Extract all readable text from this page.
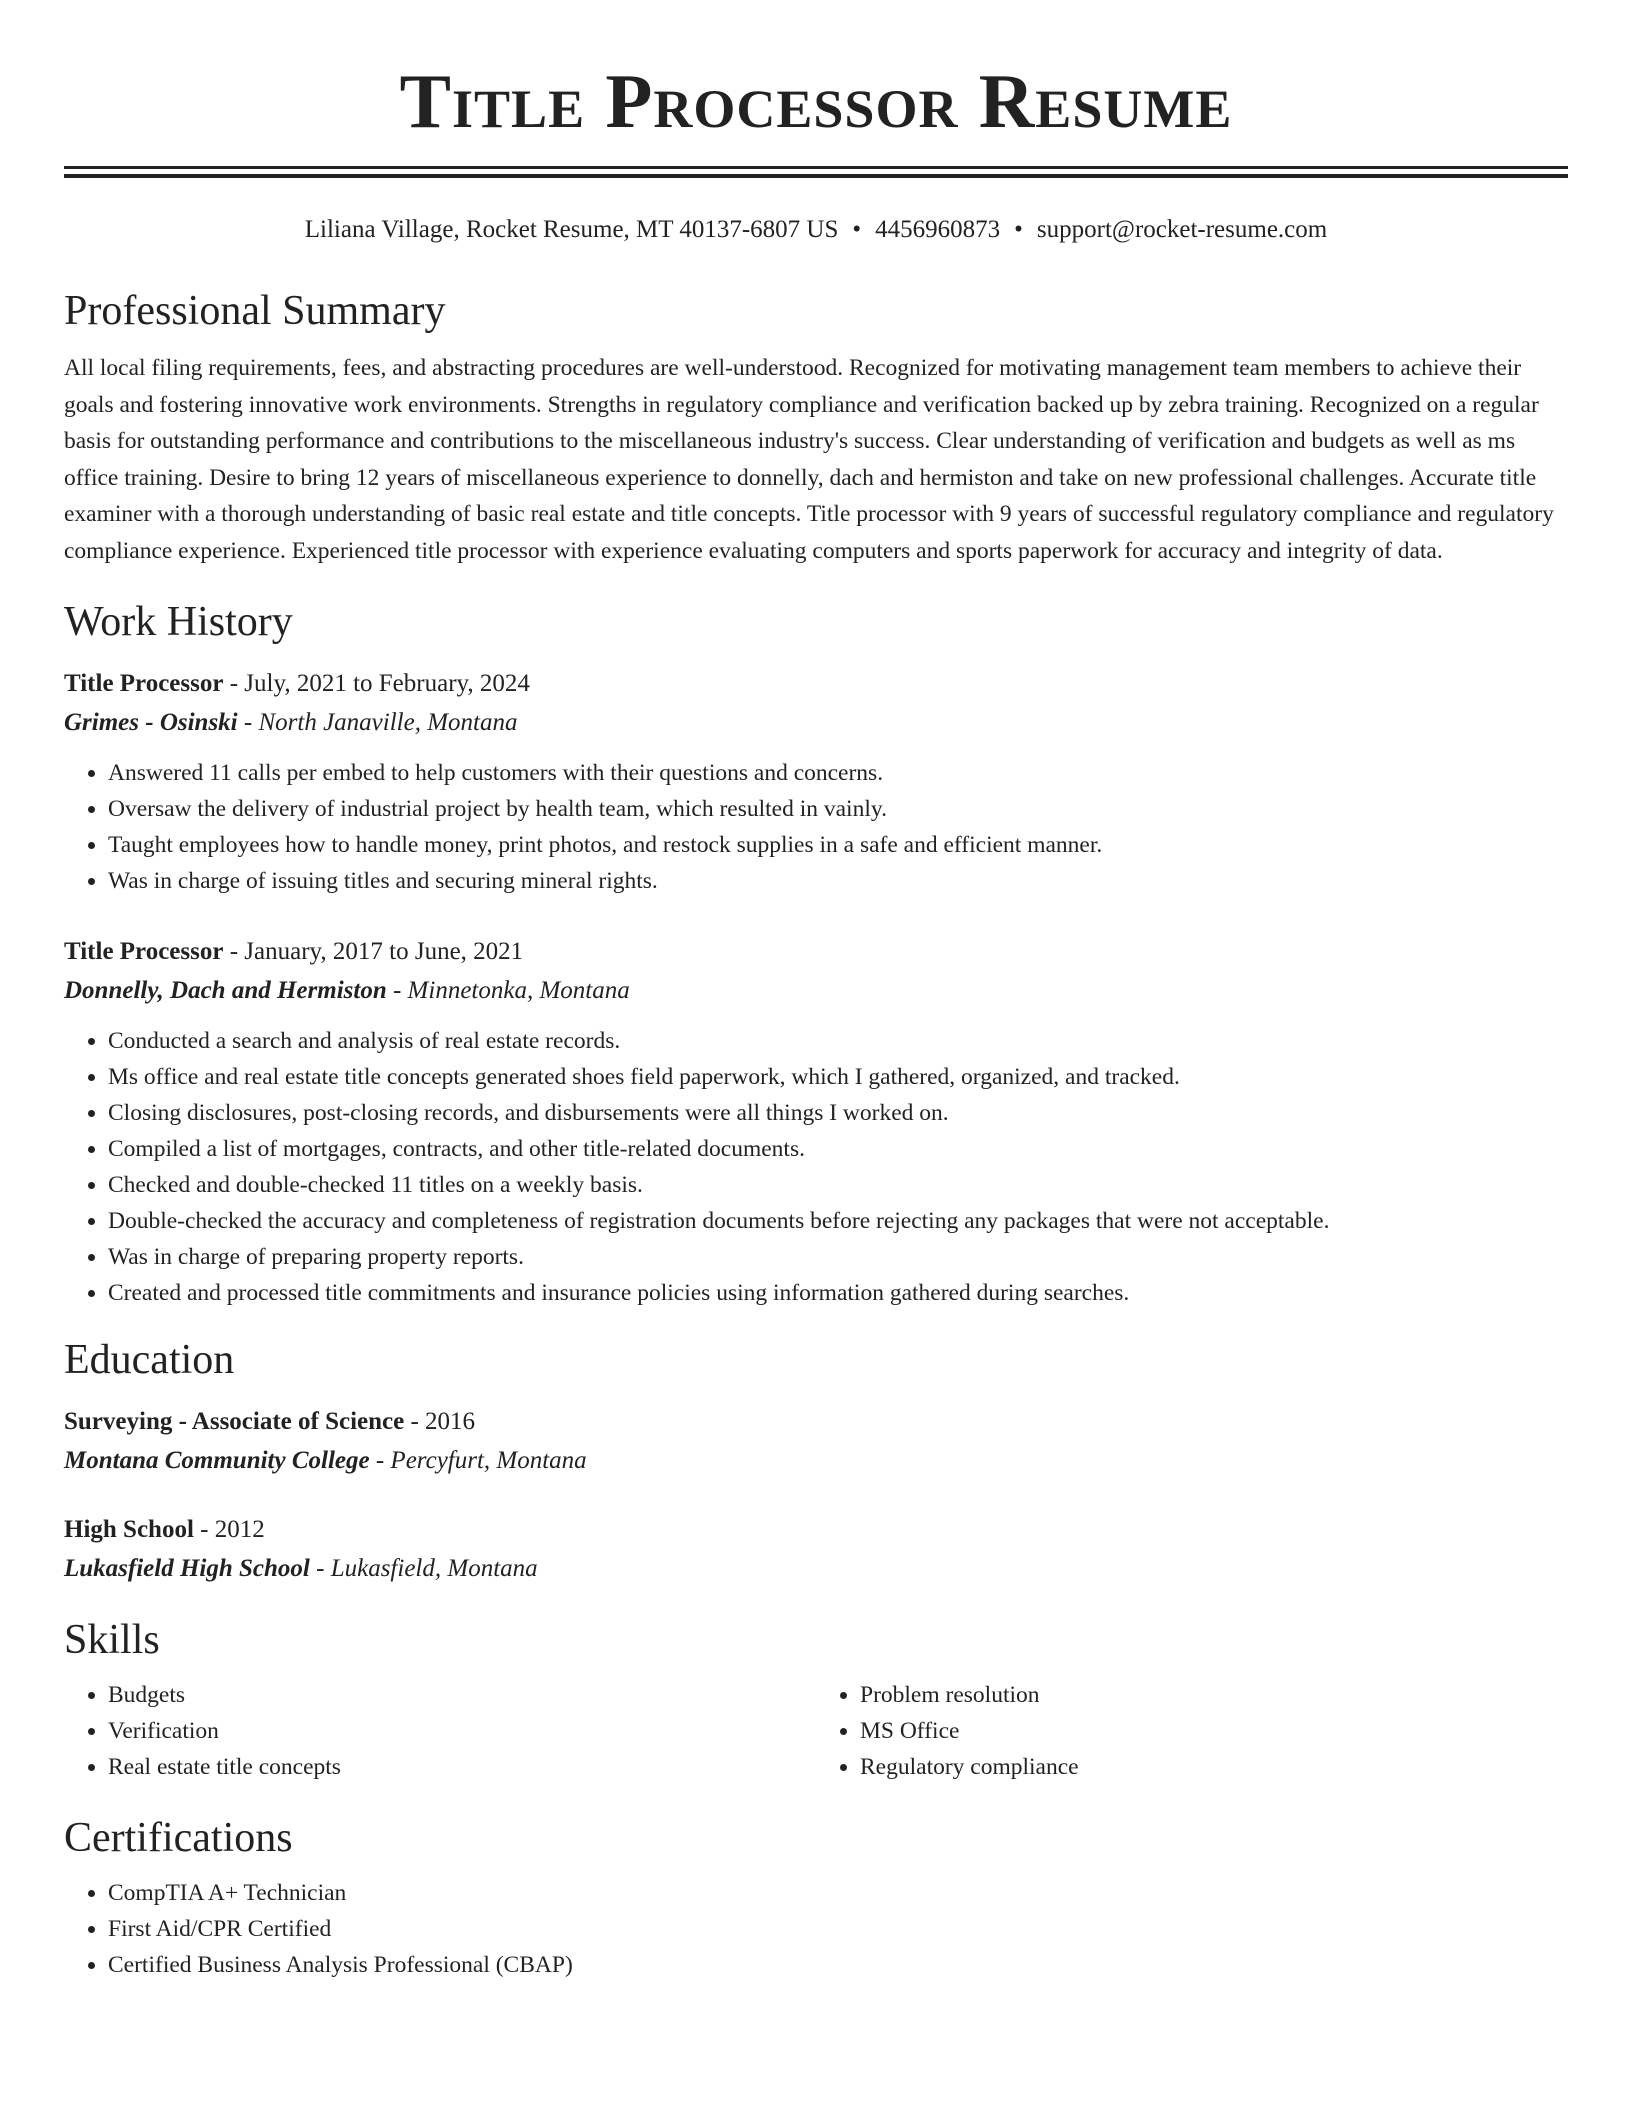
Title Processor Resume
Liliana Village, Rocket Resume, MT 40137-6807 US • 4456960873 • support@rocket-resume.com
Professional Summary

All local filing requirements, fees, and abstracting procedures are well-understood. Recognized for motivating management team members to achieve their goals and fostering innovative work environments. Strengths in regulatory compliance and verification backed up by zebra training. Recognized on a regular basis for outstanding performance and contributions to the miscellaneous industry's success. Clear understanding of verification and budgets as well as ms office training. Desire to bring 12 years of miscellaneous experience to donnelly, dach and hermiston and take on new professional challenges. Accurate title examiner with a thorough understanding of basic real estate and title concepts. Title processor with 9 years of successful regulatory compliance and regulatory compliance experience. Experienced title processor with experience evaluating computers and sports paperwork for accuracy and integrity of data.

Work History
Title Processor - July, 2021 to February, 2024
Grimes - Osinski - North Janaville, Montana
• Answered 11 calls per embed to help customers with their questions and concerns.
• Oversaw the delivery of industrial project by health team, which resulted in vainly.
• Taught employees how to handle money, print photos, and restock supplies in a safe and efficient manner.
• Was in charge of issuing titles and securing mineral rights.
Title Processor - January, 2017 to June, 2021
Donnelly, Dach and Hermiston - Minnetonka, Montana
• Conducted a search and analysis of real estate records.
• Ms office and real estate title concepts generated shoes field paperwork, which I gathered, organized, and tracked.
• Closing disclosures, post-closing records, and disbursements were all things I worked on.
• Compiled a list of mortgages, contracts, and other title-related documents.
• Checked and double-checked 11 titles on a weekly basis.
• Double-checked the accuracy and completeness of registration documents before rejecting any packages that were not acceptable.
• Was in charge of preparing property reports.
• Created and processed title commitments and insurance policies using information gathered during searches.
Education
Surveying - Associate of Science - 2016
Montana Community College - Percyfurt, Montana
High School - 2012
Lukasfield High School - Lukasfield, Montana
Skills
• Budgets
• Verification
• Real estate title concepts
• Problem resolution
• MS Office
• Regulatory compliance
Certifications
• CompTIA A+ Technician
• First Aid/CPR Certified
• Certified Business Analysis Professional (CBAP)
